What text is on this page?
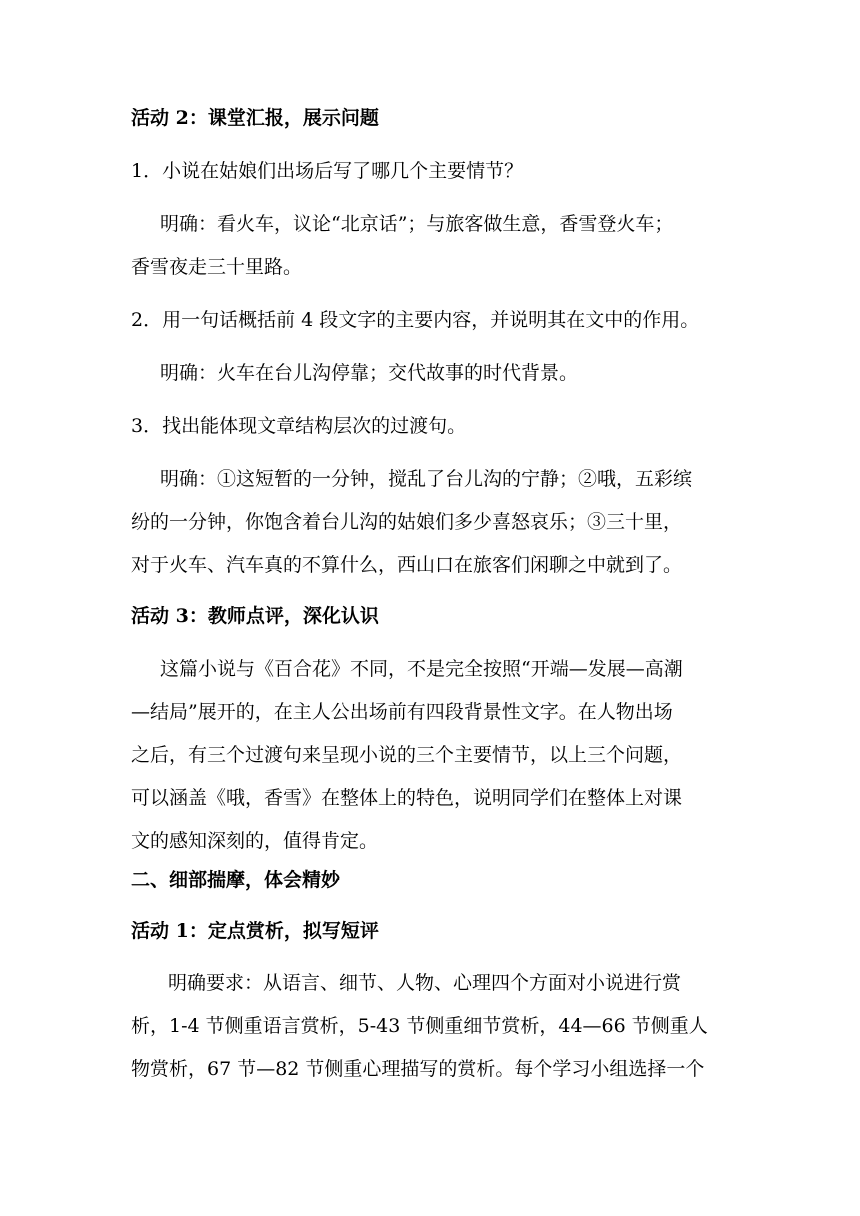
活动 2：课堂汇报，展示问题
1．小说在姑娘们出场后写了哪几个主要情节？
明确：看火车，议论“北京话”；与旅客做生意，香雪登火车；
香雪夜走三十里路。
2．用一句话概括前 4 段文字的主要内容，并说明其在文中的作用。
明确：火车在台儿沟停靠；交代故事的时代背景。
3．找出能体现文章结构层次的过渡句。
明确：①这短暂的一分钟，搅乱了台儿沟的宁静；②哦，五彩缤
纷的一分钟，你饱含着台儿沟的姑娘们多少喜怒哀乐；③三十里，
对于火车、汽车真的不算什么，西山口在旅客们闲聊之中就到了。
活动 3：教师点评，深化认识
这篇小说与《百合花》不同，不是完全按照“开端—发展—高潮
—结局”展开的，在主人公出场前有四段背景性文字。在人物出场
之后，有三个过渡句来呈现小说的三个主要情节，以上三个问题，
可以涵盖《哦，香雪》在整体上的特色，说明同学们在整体上对课
文的感知深刻的，值得肯定。
二、细部揣摩，体会精妙
活动 1：定点赏析，拟写短评
明确要求：从语言、细节、人物、心理四个方面对小说进行赏
析，1-4 节侧重语言赏析，5-43 节侧重细节赏析，44—66 节侧重人
物赏析，67 节—82 节侧重心理描写的赏析。每个学习小组选择一个
